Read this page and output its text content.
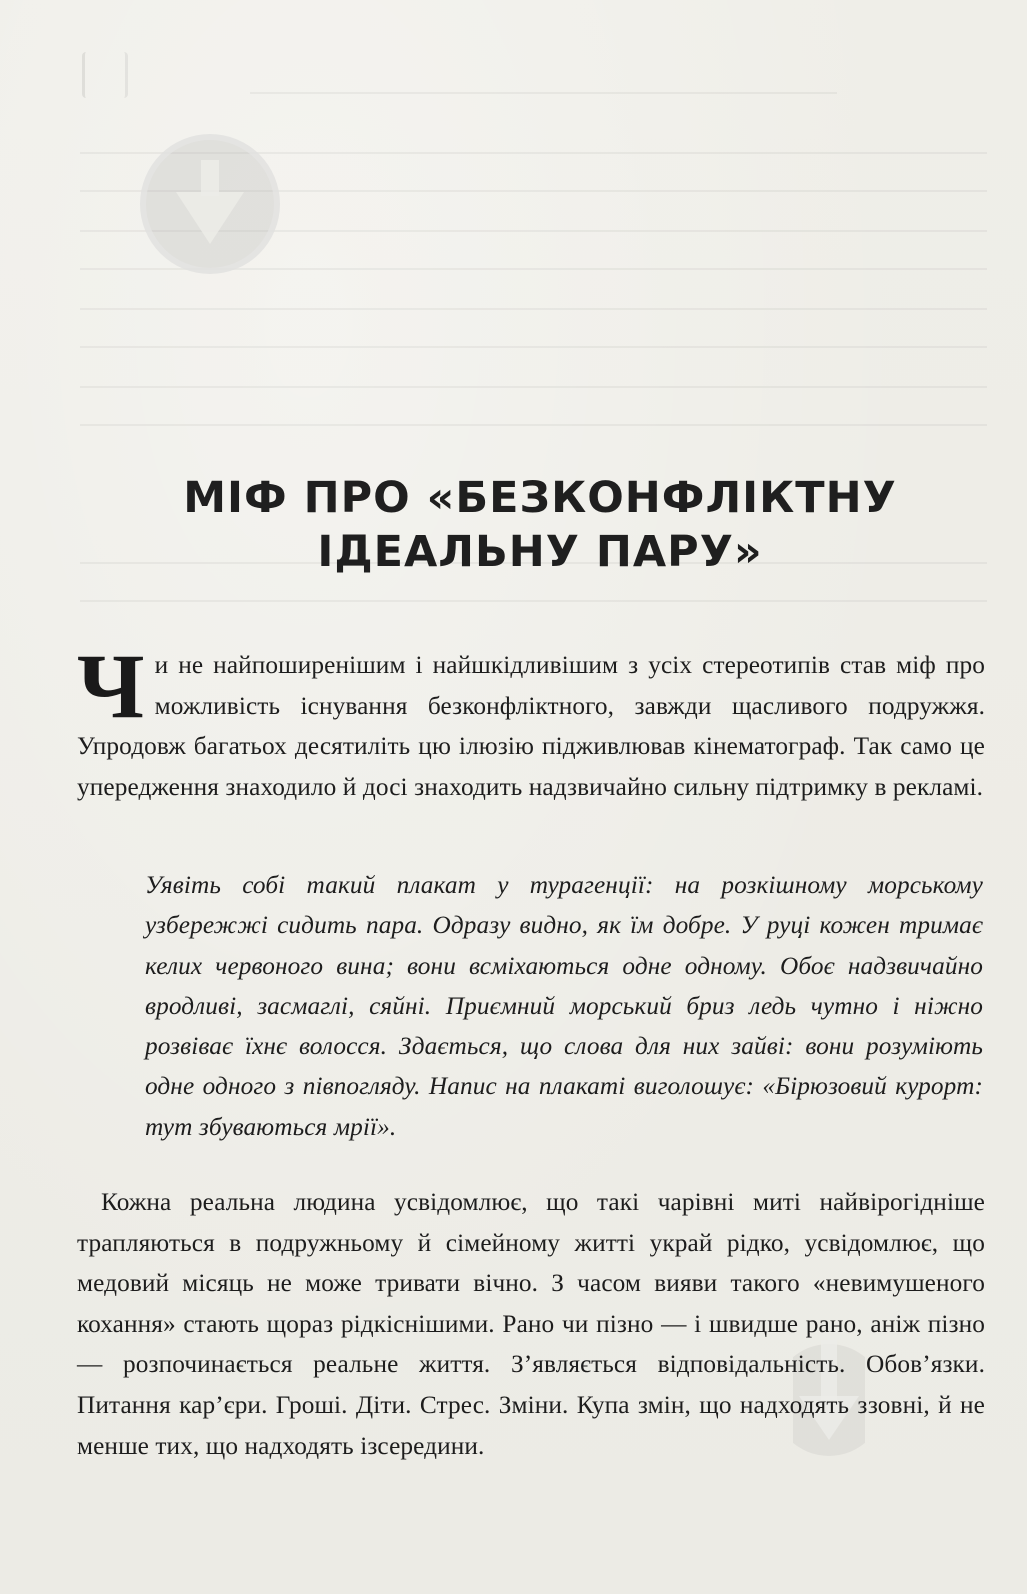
МІФ ПРО «БЕЗКОНФЛІКТНУ
ІДЕАЛЬНУ ПАРУ»
Чи не найпоширенішим і найшкідливішим з усіх стереотипів став міф про можливість існування безконфліктного, завжди щасливого подружжя. Упродовж багатьох десятиліть цю ілюзію підживлював кінематограф. Так само це упередження знаходило й досі знаходить надзвичайно сильну підтримку в рекламі.
Уявіть собі такий плакат у турагенції: на розкішному морському узбережжі сидить пара. Одразу видно, як їм добре. У руці кожен тримає келих червоного вина; вони всміхаються одне одному. Обоє надзвичайно вродливі, засмаглі, сяйні. Приємний морський бриз ледь чутно і ніжно розвіває їхнє волосся. Здається, що слова для них зайві: вони розуміють одне одного з півпогляду. Напис на плакаті виголошує: «Бірюзовий курорт: тут збуваються мрії».
Кожна реальна людина усвідомлює, що такі чарівні миті найвірогідніше трапляються в подружньому й сімейному житті украй рідко, усвідомлює, що медовий місяць не може тривати вічно. З часом вияви такого «невимушеного кохання» стають щораз рідкіснішими. Рано чи пізно — і швидше рано, аніж пізно — розпочинається реальне життя. З’являється відповідальність. Обов’язки. Питання кар’єри. Гроші. Діти. Стрес. Зміни. Купа змін, що надходять ззовні, й не менше тих, що надходять ізсередини.
